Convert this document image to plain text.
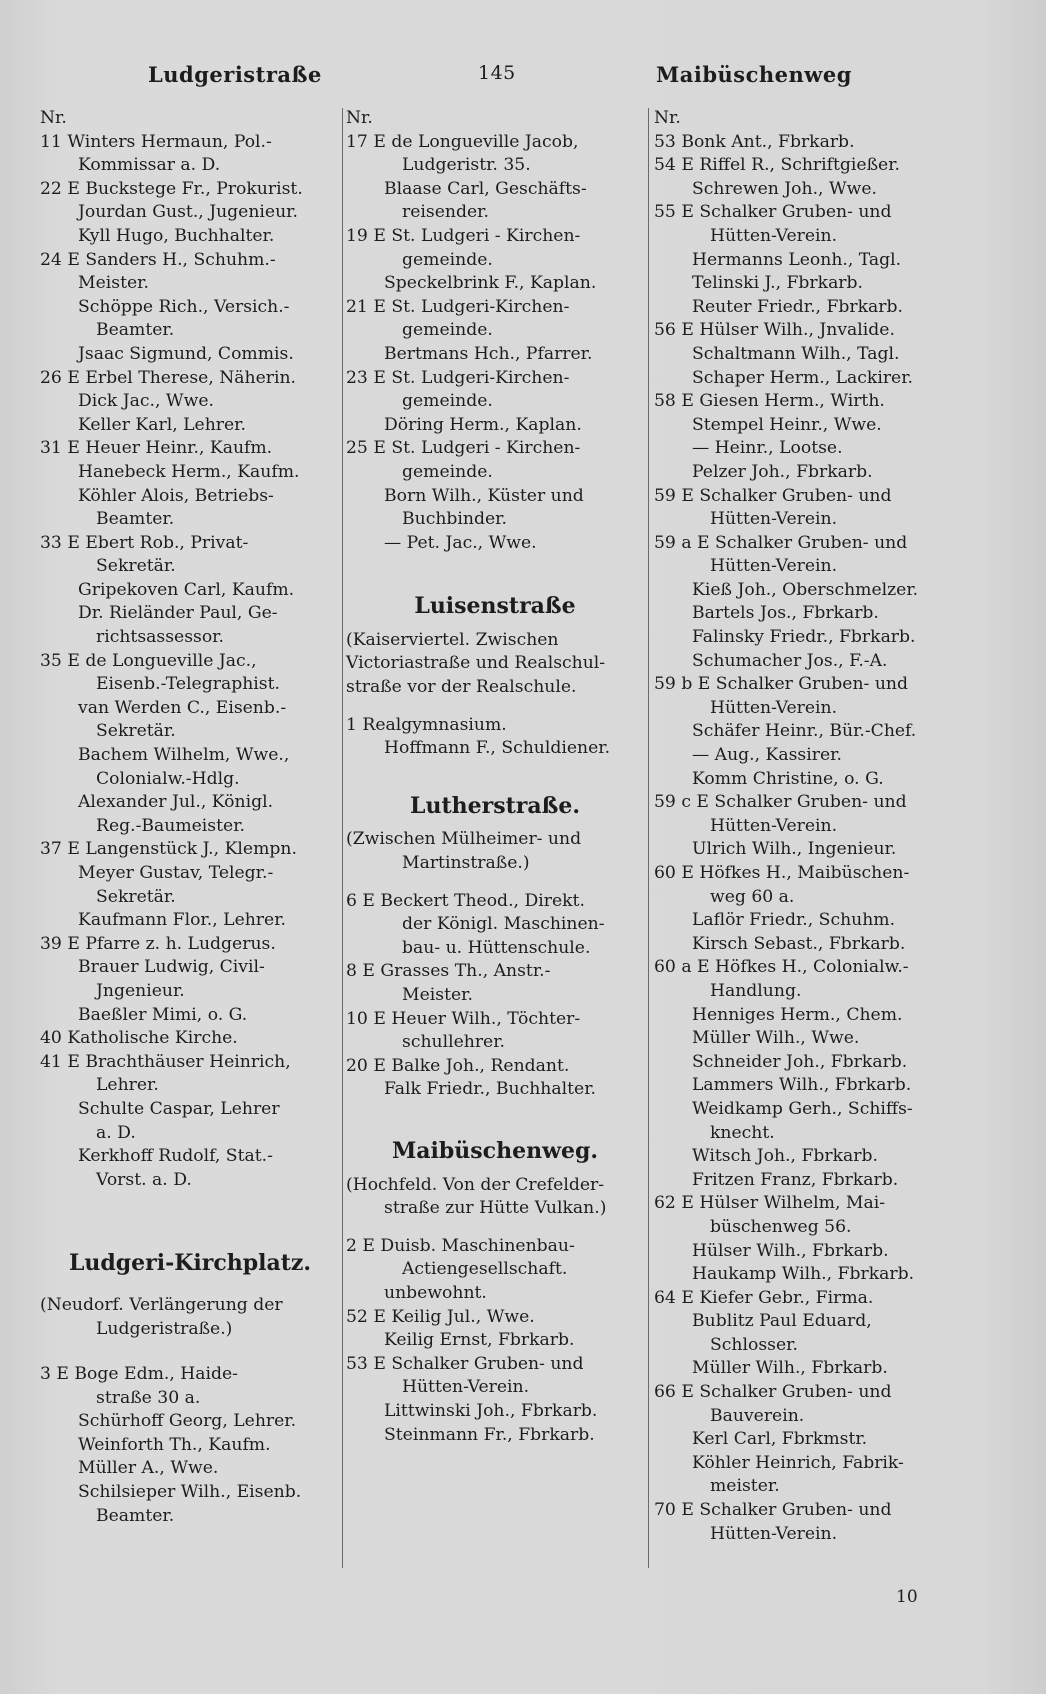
Ludgeristraße	145	Maibüschenweg
Nr.
11 Winters Hermaun, Pol.-
Kommissar a. D.
22 E Buckstege Fr., Prokurist.
Jourdan Gust., Jugenieur.
Kyll Hugo, Buchhalter.
24 E Sanders H., Schuhm.-
Meister.
Schöppe Rich., Versich.-
Beamter.
Jsaac Sigmund, Commis.
26 E Erbel Therese, Näherin.
Dick Jac., Wwe.
Keller Karl, Lehrer.
31 E Heuer Heinr., Kaufm.
Hanebeck Herm., Kaufm.
Köhler Alois, Betriebs-
Beamter.
33 E Ebert Rob., Privat-
Sekretär.
Gripekoven Carl, Kaufm.
Dr. Rieländer Paul, Ge-
richtsassessor.
35 E de Longueville Jac.,
Eisenb.-Telegraphist.
van Werden C., Eisenb.-
Sekretär.
Bachem Wilhelm, Wwe.,
Colonialw.-Hdlg.
Alexander Jul., Königl.
Reg.-Baumeister.
37 E Langenstück J., Klempn.
Meyer Gustav, Telegr.-
Sekretär.
Kaufmann Flor., Lehrer.
39 E Pfarre z. h. Ludgerus.
Brauer Ludwig, Civil-
Jngenieur.
Baeßler Mimi, o. G.
40 Katholische Kirche.
41 E Brachthäuser Heinrich,
Lehrer.
Schulte Caspar, Lehrer
a. D.
Kerkhoff Rudolf, Stat.-
Vorst. a. D.
Ludgeri-Kirchplatz.
(Neudorf. Verlängerung der
Ludgeristraße.)
3 E Boge Edm., Haide-
straße 30 a.
Schürhoff Georg, Lehrer.
Weinforth Th., Kaufm.
Müller A., Wwe.
Schilsieper Wilh., Eisenb.
Beamter.
Nr.
17 E de Longueville Jacob,
Ludgeristr. 35.
Blaase Carl, Geschäfts-
reisender.
19 E St. Ludgeri - Kirchen-
gemeinde.
Speckelbrink F., Kaplan.
21 E St. Ludgeri-Kirchen-
gemeinde.
Bertmans Hch., Pfarrer.
23 E St. Ludgeri-Kirchen-
gemeinde.
Döring Herm., Kaplan.
25 E St. Ludgeri - Kirchen-
gemeinde.
Born Wilh., Küster und
Buchbinder.
— Pet. Jac., Wwe.
Luisenstraße
(Kaiserviertel. Zwischen
Victoriastraße und Realschul-
straße vor der Realschule.
1 Realgymnasium.
Hoffmann F., Schuldiener.
Lutherstraße.
(Zwischen Mülheimer- und
Martinstraße.)
6 E Beckert Theod., Direkt.
der Königl. Maschinen-
bau- u. Hüttenschule.
8 E Grasses Th., Anstr.-
Meister.
10 E Heuer Wilh., Töchter-
schullehrer.
20 E Balke Joh., Rendant.
Falk Friedr., Buchhalter.
Maibüschenweg.
(Hochfeld. Von der Crefelder-
straße zur Hütte Vulkan.)
2 E Duisb. Maschinenbau-
Actiengesellschaft.
unbewohnt.
52 E Keilig Jul., Wwe.
Keilig Ernst, Fbrkarb.
53 E Schalker Gruben- und
Hütten-Verein.
Littwinski Joh., Fbrkarb.
Steinmann Fr., Fbrkarb.
Nr.
53 Bonk Ant., Fbrkarb.
54 E Riffel R., Schriftgießer.
Schrewen Joh., Wwe.
55 E Schalker Gruben- und
Hütten-Verein.
Hermanns Leonh., Tagl.
Telinski J., Fbrkarb.
Reuter Friedr., Fbrkarb.
56 E Hülser Wilh., Jnvalide.
Schaltmann Wilh., Tagl.
Schaper Herm., Lackirer.
58 E Giesen Herm., Wirth.
Stempel Heinr., Wwe.
— Heinr., Lootse.
Pelzer Joh., Fbrkarb.
59 E Schalker Gruben- und
Hütten-Verein.
59 a E Schalker Gruben- und
Hütten-Verein.
Kieß Joh., Oberschmelzer.
Bartels Jos., Fbrkarb.
Falinsky Friedr., Fbrkarb.
Schumacher Jos., F.-A.
59 b E Schalker Gruben- und
Hütten-Verein.
Schäfer Heinr., Bür.-Chef.
— Aug., Kassirer.
Komm Christine, o. G.
59 c E Schalker Gruben- und
Hütten-Verein.
Ulrich Wilh., Ingenieur.
60 E Höfkes H., Maibüschen-
weg 60 a.
Laflör Friedr., Schuhm.
Kirsch Sebast., Fbrkarb.
60 a E Höfkes H., Colonialw.-
Handlung.
Henniges Herm., Chem.
Müller Wilh., Wwe.
Schneider Joh., Fbrkarb.
Lammers Wilh., Fbrkarb.
Weidkamp Gerh., Schiffs-
knecht.
Witsch Joh., Fbrkarb.
Fritzen Franz, Fbrkarb.
62 E Hülser Wilhelm, Mai-
büschenweg 56.
Hülser Wilh., Fbrkarb.
Haukamp Wilh., Fbrkarb.
64 E Kiefer Gebr., Firma.
Bublitz Paul Eduard,
Schlosser.
Müller Wilh., Fbrkarb.
66 E Schalker Gruben- und
Bauverein.
Kerl Carl, Fbrkmstr.
Köhler Heinrich, Fabrik-
meister.
70 E Schalker Gruben- und
Hütten-Verein.
10
